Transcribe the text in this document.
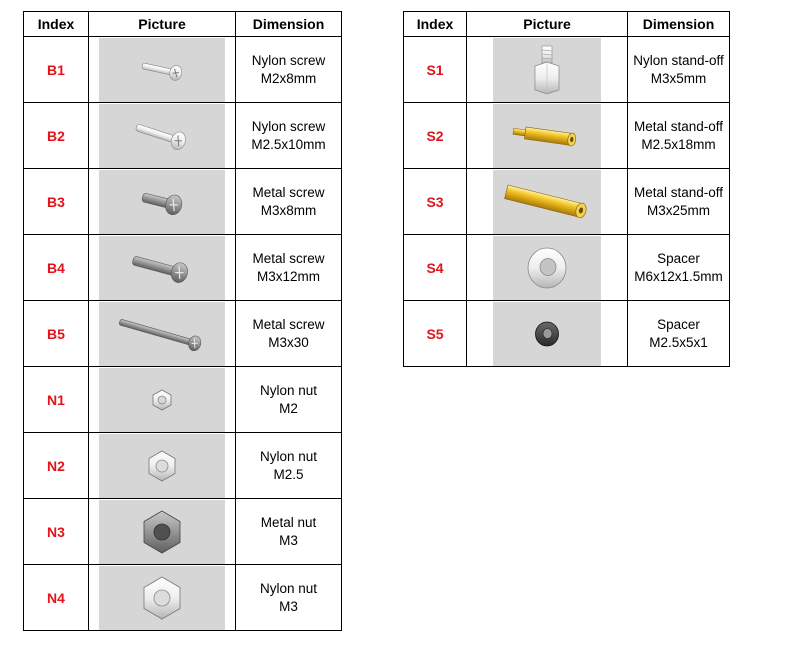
Index	Picture	Dimension
B1		Nylon screw
M2x8mm

B2		Nylon screw
M2.5x10mm

B3		Metal screw
M3x8mm

B4		Metal screw
M3x12mm

B5		Metal screw
M3x30

N1		Nylon nut
M2

N2		Nylon nut
M2.5

N3		Metal nut
M3

N4		Nylon nut
M3
Index	Picture	Dimension
S1		Nylon stand-off
M3x5mm

S2		Metal stand-off
M2.5x18mm

S3		Metal stand-off
M3x25mm

S4		Spacer
M6x12x1.5mm

S5		Spacer
M2.5x5x1
